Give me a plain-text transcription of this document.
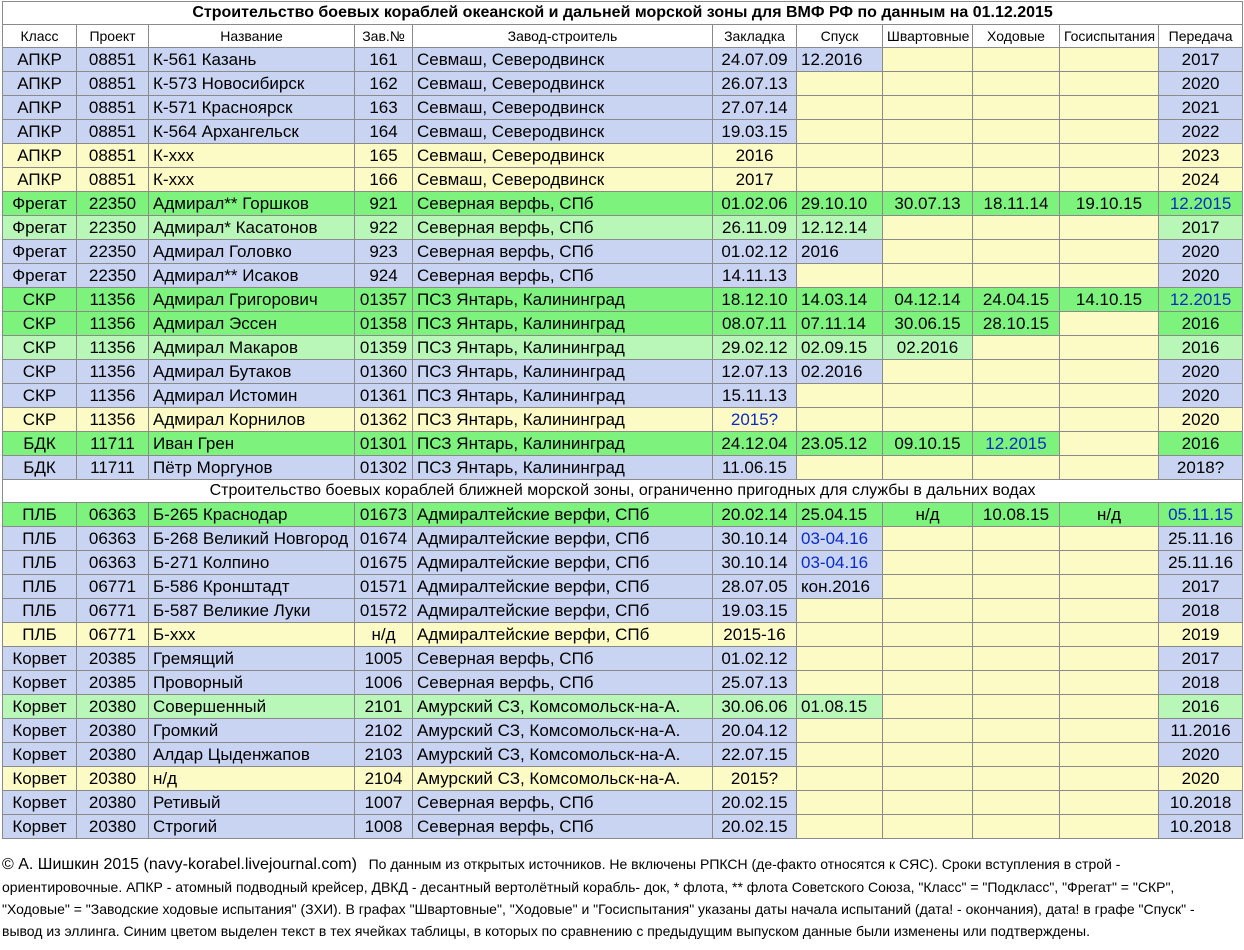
Строительство боевых кораблей океанской и дальней морской зоны для ВМФ РФ по данным на 01.12.2015										
Класс	Проект	Название	Зав.№	Завод-строитель	Закладка	Спуск	Швартовные	Ходовые	Госиспытания	Передача
АПКР	08851	К-561 Казань	161	Севмаш, Северодвинск	24.07.09	12.2016				2017
АПКР	08851	К-573 Новосибирск	162	Севмаш, Северодвинск	26.07.13					2020
АПКР	08851	К-571 Красноярск	163	Севмаш, Северодвинск	27.07.14					2021
АПКР	08851	К-564 Архангельск	164	Севмаш, Северодвинск	19.03.15					2022
АПКР	08851	К-ххх	165	Севмаш, Северодвинск	2016					2023
АПКР	08851	К-ххх	166	Севмаш, Северодвинск	2017					2024
Фрегат	22350	Адмирал** Горшков	921	Северная верфь, СПб	01.02.06	29.10.10	30.07.13	18.11.14	19.10.15	12.2015
Фрегат	22350	Адмирал* Касатонов	922	Северная верфь, СПб	26.11.09	12.12.14				2017
Фрегат	22350	Адмирал Головко	923	Северная верфь, СПб	01.02.12	2016				2020
Фрегат	22350	Адмирал** Исаков	924	Северная верфь, СПб	14.11.13					2020
СКР	11356	Адмирал Григорович	01357	ПСЗ Янтарь, Калининград	18.12.10	14.03.14	04.12.14	24.04.15	14.10.15	12.2015
СКР	11356	Адмирал Эссен	01358	ПСЗ Янтарь, Калининград	08.07.11	07.11.14	30.06.15	28.10.15		2016
СКР	11356	Адмирал Макаров	01359	ПСЗ Янтарь, Калининград	29.02.12	02.09.15	02.2016			2016
СКР	11356	Адмирал Бутаков	01360	ПСЗ Янтарь, Калининград	12.07.13	02.2016				2020
СКР	11356	Адмирал Истомин	01361	ПСЗ Янтарь, Калининград	15.11.13					2020
СКР	11356	Адмирал Корнилов	01362	ПСЗ Янтарь, Калининград	2015?					2020
БДК	11711	Иван Грен	01301	ПСЗ Янтарь, Калининград	24.12.04	23.05.12	09.10.15	12.2015		2016
БДК	11711	Пётр Моргунов	01302	ПСЗ Янтарь, Калининград	11.06.15					2018?
Строительство боевых кораблей ближней морской зоны, ограниченно пригодных для службы в дальних водах										
ПЛБ	06363	Б-265 Краснодар	01673	Адмиралтейские верфи, СПб	20.02.14	25.04.15	н/д	10.08.15	н/д	05.11.15
ПЛБ	06363	Б-268 Великий Новгород	01674	Адмиралтейские верфи, СПб	30.10.14	03-04.16				25.11.16
ПЛБ	06363	Б-271 Колпино	01675	Адмиралтейские верфи, СПб	30.10.14	03-04.16				25.11.16
ПЛБ	06771	Б-586 Кронштадт	01571	Адмиралтейские верфи, СПб	28.07.05	кон.2016				2017
ПЛБ	06771	Б-587 Великие Луки	01572	Адмиралтейские верфи, СПб	19.03.15					2018
ПЛБ	06771	Б-ххх	н/д	Адмиралтейские верфи, СПб	2015-16					2019
Корвет	20385	Гремящий	1005	Северная верфь, СПб	01.02.12					2017
Корвет	20385	Проворный	1006	Северная верфь, СПб	25.07.13					2018
Корвет	20380	Совершенный	2101	Амурский СЗ, Комсомольск-на-А.	30.06.06	01.08.15				2016
Корвет	20380	Громкий	2102	Амурский СЗ, Комсомольск-на-А.	20.04.12					11.2016
Корвет	20380	Алдар Цыденжапов	2103	Амурский СЗ, Комсомольск-на-А.	22.07.15					2020
Корвет	20380	н/д	2104	Амурский СЗ, Комсомольск-на-А.	2015?					2020
Корвет	20380	Ретивый	1007	Северная верфь, СПб	20.02.15					10.2018
Корвет	20380	Строгий	1008	Северная верфь, СПб	20.02.15					10.2018
© А. Шишкин 2015 (navy-korabel.livejournal.com) По данным из открытых источников. Не включены РПКСН (де-факто относятся к СЯС). Сроки вступления в строй - ориентировочные. АПКР - атомный подводный крейсер, ДВКД - десантный вертолётный корабль- док, * флота, ** флота Советского Союза, "Класс" = "Подкласс", "Фрегат" = "СКР", "Ходовые" = "Заводские ходовые испытания" (ЗХИ). В графах "Швартовные", "Ходовые" и "Госиспытания" указаны даты начала испытаний (дата! - окончания), дата! в графе "Спуск" - вывод из эллинга. Синим цветом выделен текст в тех ячейках таблицы, в которых по сравнению с предыдущим выпуском данные были изменены или подтверждены.
